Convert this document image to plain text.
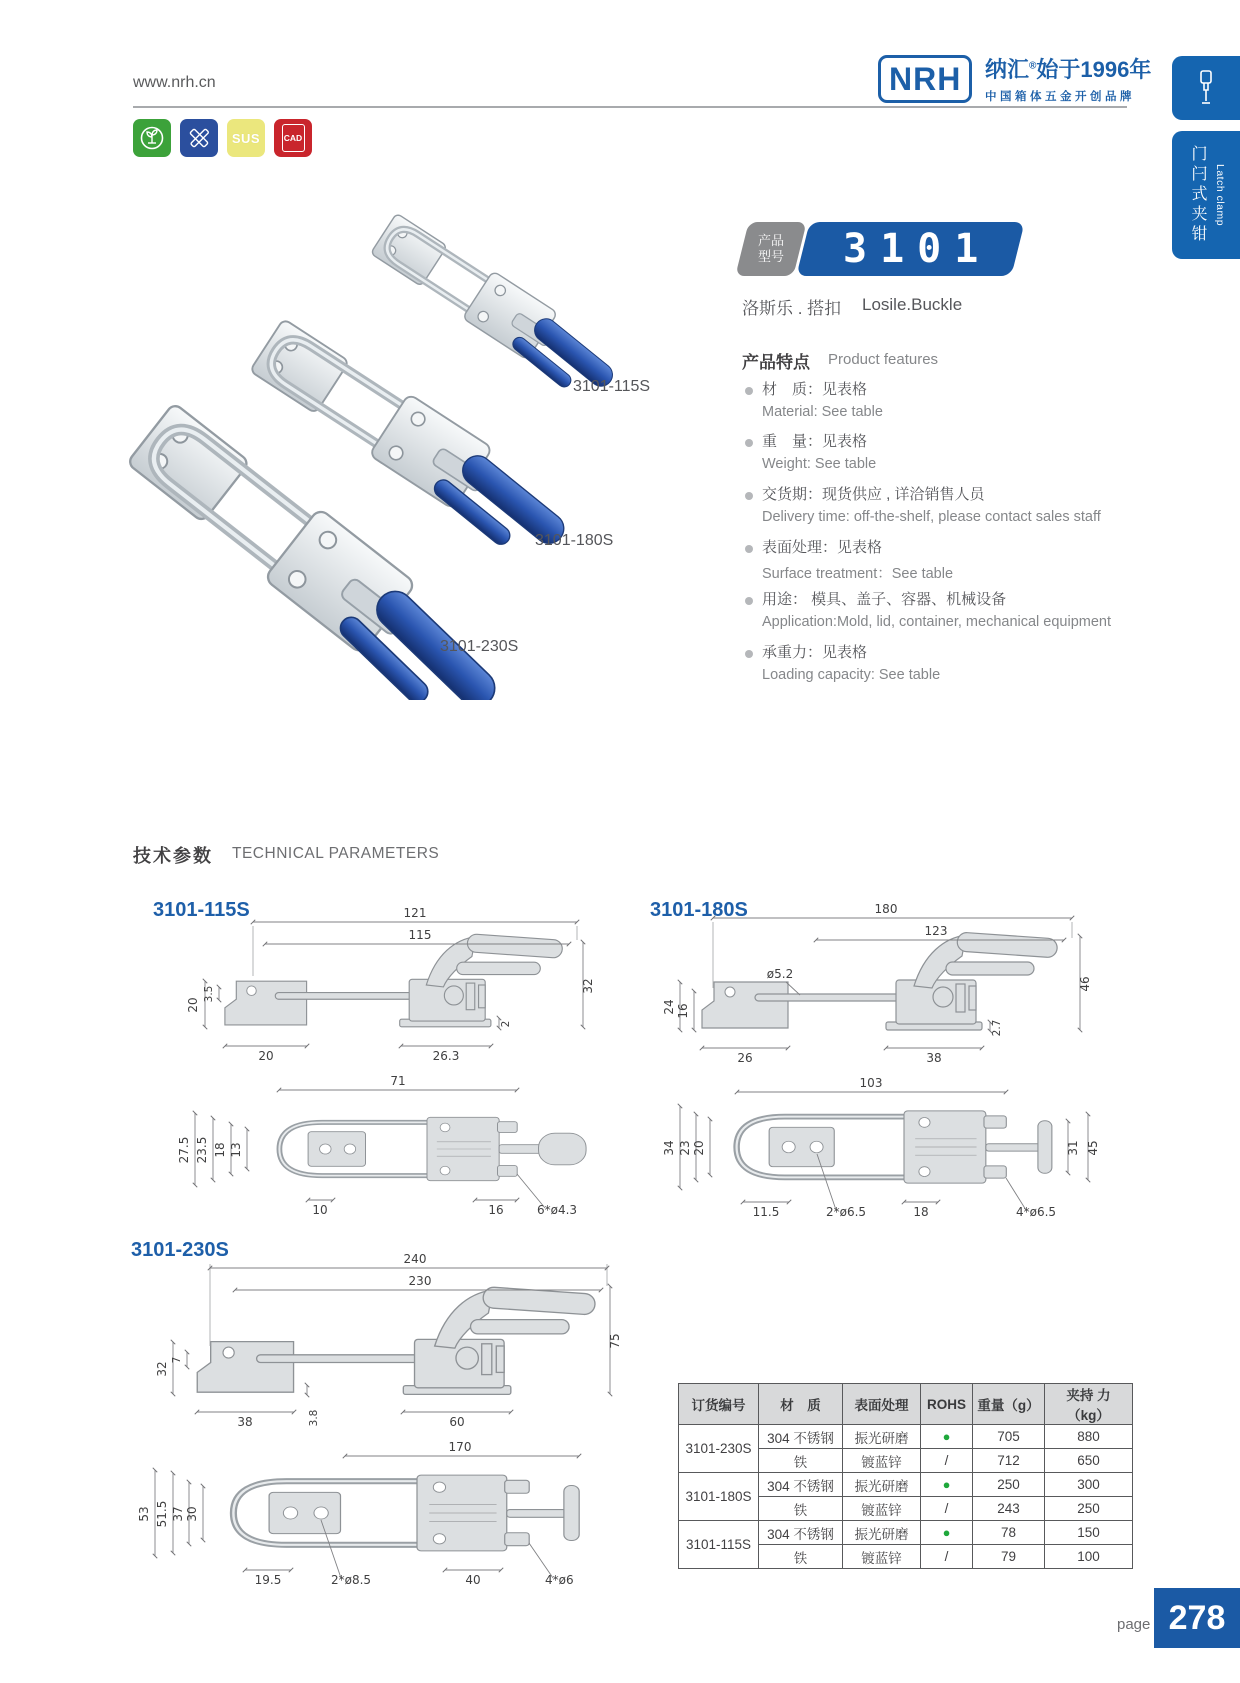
www.nrh.cn
SUS	CAD
NRH	纳汇®始于1996年
中国箱体五金开创品牌
门闩式夹钳 Latch clamp
3101-115S
3101-180S
3101-230S
产品
型号	3101
洛斯乐 . 搭扣 Losile.Buckle
产品特点 Product features
材　质：见表格
Material: See table
重　量：见表格
Weight: See table
交货期：现货供应 , 详洽销售人员
Delivery time: off-the-shelf, please contact sales staff
表面处理：见表格
Surface treatment：See table
用途： 模具、盖子、容器、机械设备
Application:Mold, lid, container, mechanical equipment
承重力：见表格
Loading capacity: See table
技术参数 TECHNICAL PARAMETERS
3101-115S	121
115
20
3.5
20	26.3
2
32
71
27.5 23.5 18 13
10	16	6*ø4.3
3101-180S	180
123
ø5.2
24 16
26	38
2.7
46
103
34 23 20
11.5	2*ø6.5	18	4*ø6.5
31 45
3101-230S	240
230
32
7
38	3.8	60
75
170
53 51.5 37 30
19.5	2*ø8.5	40	4*ø6
订货编号	材　质	表面处理	ROHS	重量（g）	夹持 力（kg）
3101-230S	304 不锈钢	振光研磨	●	705	880
	铁	镀蓝锌	/	712	650
3101-180S	304 不锈钢	振光研磨	●	250	300
	铁	镀蓝锌	/	243	250
3101-115S	304 不锈钢	振光研磨	●	78	150
	铁	镀蓝锌	/	79	100
page 278
